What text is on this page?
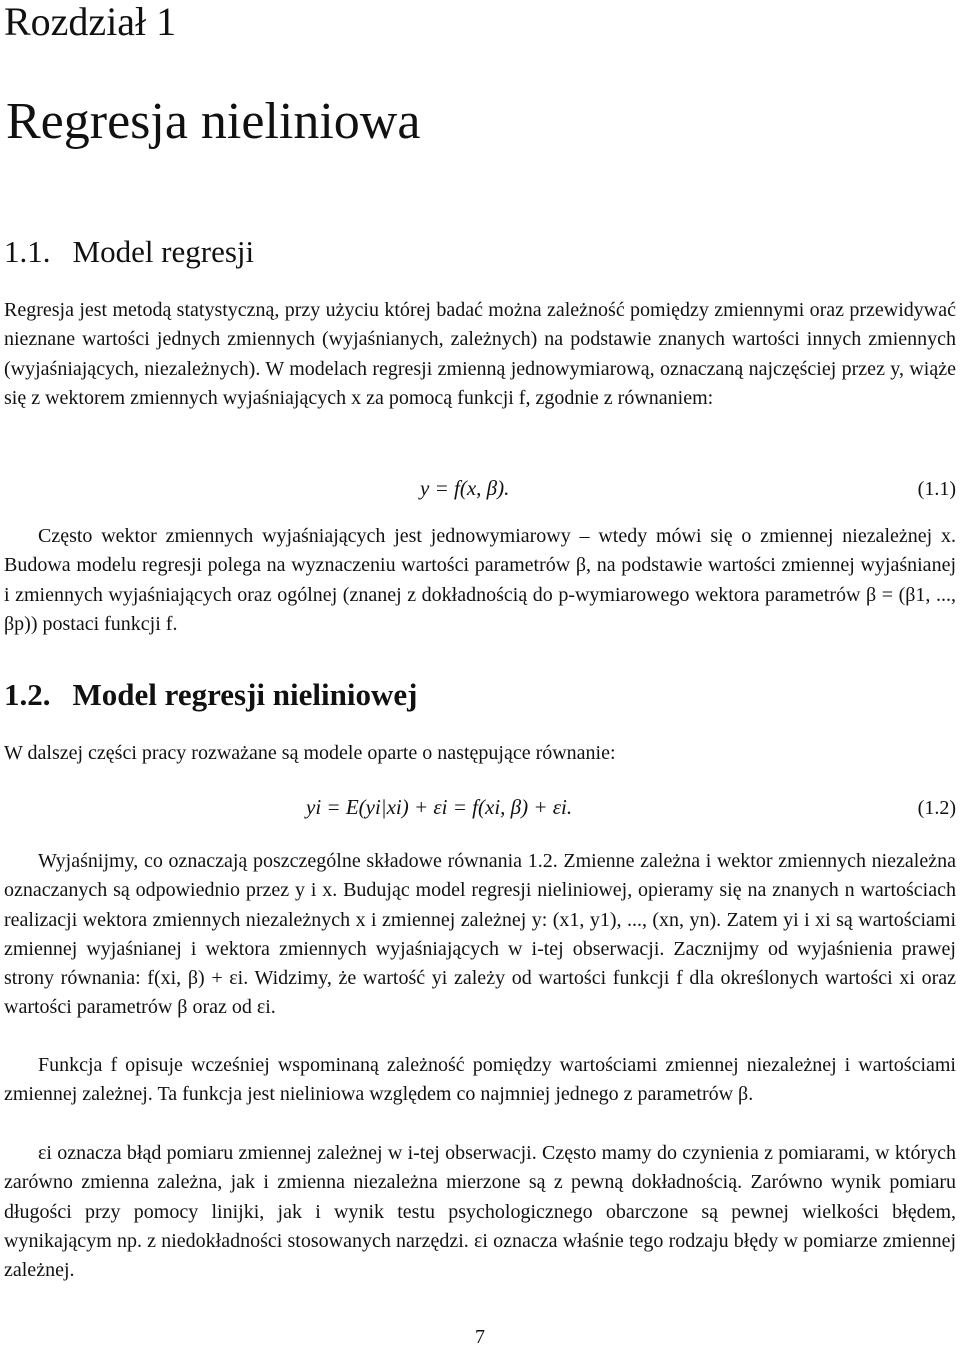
Rozdział 1
Regresja nieliniowa
1.1. Model regresji
Regresja jest metodą statystyczną, przy użyciu której badać można zależność pomiędzy zmiennymi oraz przewidywać nieznane wartości jednych zmiennych (wyjaśnianych, zależnych) na podstawie znanych wartości innych zmiennych (wyjaśniających, niezależnych). W modelach regresji zmienną jednowymiarową, oznaczaną najczęściej przez y, wiąże się z wektorem zmiennych wyjaśniających x za pomocą funkcji f, zgodnie z równaniem:
y = f(x, β).	(1.1)
Często wektor zmiennych wyjaśniających jest jednowymiarowy – wtedy mówi się o zmiennej niezależnej x. Budowa modelu regresji polega na wyznaczeniu wartości parametrów β, na podstawie wartości zmiennej wyjaśnianej i zmiennych wyjaśniających oraz ogólnej (znanej z dokładnością do p-wymiarowego wektora parametrów β = (β1, ..., βp)) postaci funkcji f.
1.2. Model regresji nieliniowej
W dalszej części pracy rozważane są modele oparte o następujące równanie:
yi = E(yi|xi) + εi = f(xi, β) + εi.	(1.2)
Wyjaśnijmy, co oznaczają poszczególne składowe równania 1.2. Zmienne zależna i wektor zmiennych niezależna oznaczanych są odpowiednio przez y i x. Budując model regresji nieliniowej, opieramy się na znanych n wartościach realizacji wektora zmiennych niezależnych x i zmiennej zależnej y: (x1, y1), ..., (xn, yn). Zatem yi i xi są wartościami zmiennej wyjaśnianej i wektora zmiennych wyjaśniających w i-tej obserwacji. Zacznijmy od wyjaśnienia prawej strony równania: f(xi, β) + εi. Widzimy, że wartość yi zależy od wartości funkcji f dla określonych wartości xi oraz wartości parametrów β oraz od εi.
Funkcja f opisuje wcześniej wspominaną zależność pomiędzy wartościami zmiennej niezależnej i wartościami zmiennej zależnej. Ta funkcja jest nieliniowa względem co najmniej jednego z parametrów β.
εi oznacza błąd pomiaru zmiennej zależnej w i-tej obserwacji. Często mamy do czynienia z pomiarami, w których zarówno zmienna zależna, jak i zmienna niezależna mierzone są z pewną dokładnością. Zarówno wynik pomiaru długości przy pomocy linijki, jak i wynik testu psychologicznego obarczone są pewnej wielkości błędem, wynikającym np. z niedokładności stosowanych narzędzi. εi oznacza właśnie tego rodzaju błędy w pomiarze zmiennej zależnej.
7
